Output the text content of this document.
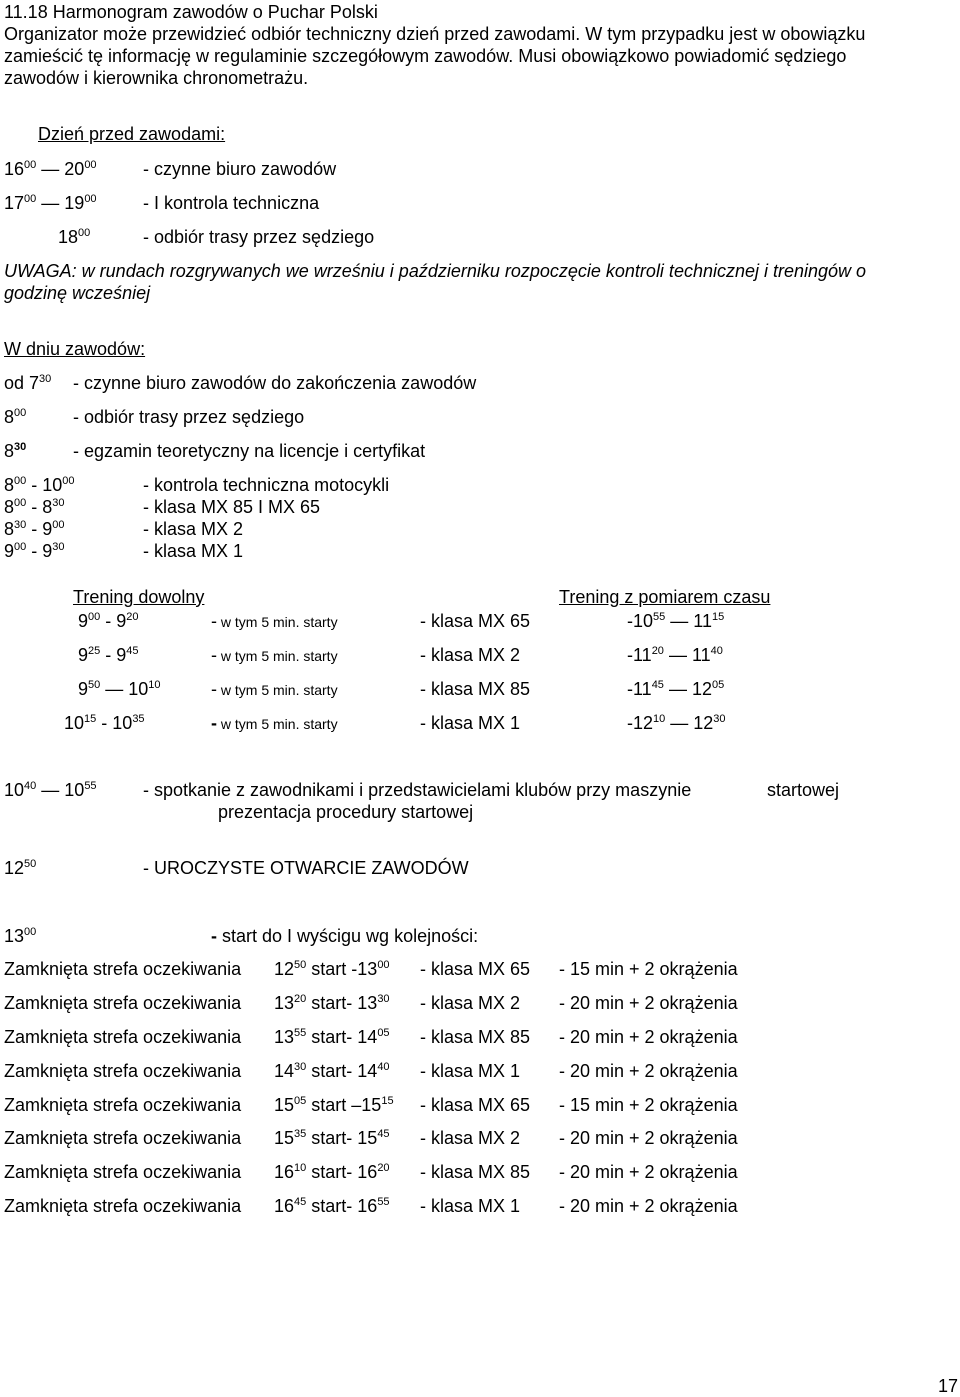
11.18 Harmonogram zawodów o Puchar Polski
Organizator może przewidzieć odbiór techniczny dzień przed zawodami. W tym przypadku jest w obowiązku
zamieścić tę informację w regulaminie szczegółowym zawodów. Musi obowiązkowo powiadomić sędziego
zawodów i kierownika chronometrażu.
Dzień przed zawodami:
$16^{00}$ — $20^{00}$	- czynne biuro zawodów
$17^{00}$ — $19^{00}$	- I kontrola techniczna
$18^{00}$	- odbiór trasy przez sędziego
UWAGA: w rundach rozgrywanych we wrześniu i październiku rozpoczęcie kontroli technicznej i treningów o
godzinę wcześniej
W dniu zawodów:
od $7^{30}$ - czynne biuro zawodów do zakończenia zawodów
$8^{00}$	- odbiór trasy przez sędziego
$8^{30}$	- egzamin teoretyczny na licencje i certyfikat
$8^{00} - 10^{00}$	- kontrola techniczna motocykli
$8^{00} - 8^{30}$	- klasa MX 85 I MX 65
$8^{30} - 9^{00}$	- klasa MX 2
$9^{00} - 9^{30}$	- klasa MX 1
Trening dowolny	Trening z pomiarem czasu
$9^{00} - 9^{20}$	- w tym 5 min. starty	- klasa MX 65	$-10^{55}$ — $11^{15}$
$9^{25} - 9^{45}$	- w tym 5 min. starty	- klasa MX 2	$-11^{20}$ — $11^{40}$
$9^{50}$ — $10^{10}$	- w tym 5 min. starty	- klasa MX 85	$-11^{45}$ — $12^{05}$
$10^{15} - 10^{35}$	- w tym 5 min. starty	- klasa MX 1	$-12^{10}$ — $12^{30}$
$10^{40}$ — $10^{55}$	- spotkanie z zawodnikami i przedstawicielami klubów przy maszynie	startowej
prezentacja procedury startowej
$12^{50}$	- UROCZYSTE OTWARCIE ZAWODÓW
$13^{00}$	- start do I wyścigu wg kolejności:
Zamknięta strefa oczekiwania $12^{50}$ start $-13^{00}$ - klasa MX 65 - 15 min + 2 okrążenia
Zamknięta strefa oczekiwania $13^{20}$ start- $13^{30}$ - klasa MX 2 - 20 min + 2 okrążenia
Zamknięta strefa oczekiwania $13^{55}$ start- $14^{05}$ - klasa MX 85 - 20 min + 2 okrążenia
Zamknięta strefa oczekiwania $14^{30}$ start- $14^{40}$ - klasa MX 1 - 20 min + 2 okrążenia
Zamknięta strefa oczekiwania $15^{05}$ start $-15^{15}$ - klasa MX 65 - 15 min + 2 okrążenia
Zamknięta strefa oczekiwania $15^{35}$ start- $15^{45}$ - klasa MX 2 - 20 min + 2 okrążenia
Zamknięta strefa oczekiwania $16^{10}$ start- $16^{20}$ - klasa MX 85 - 20 min + 2 okrążenia
Zamknięta strefa oczekiwania $16^{45}$ start- $16^{55}$ - klasa MX 1 - 20 min + 2 okrążenia
17
